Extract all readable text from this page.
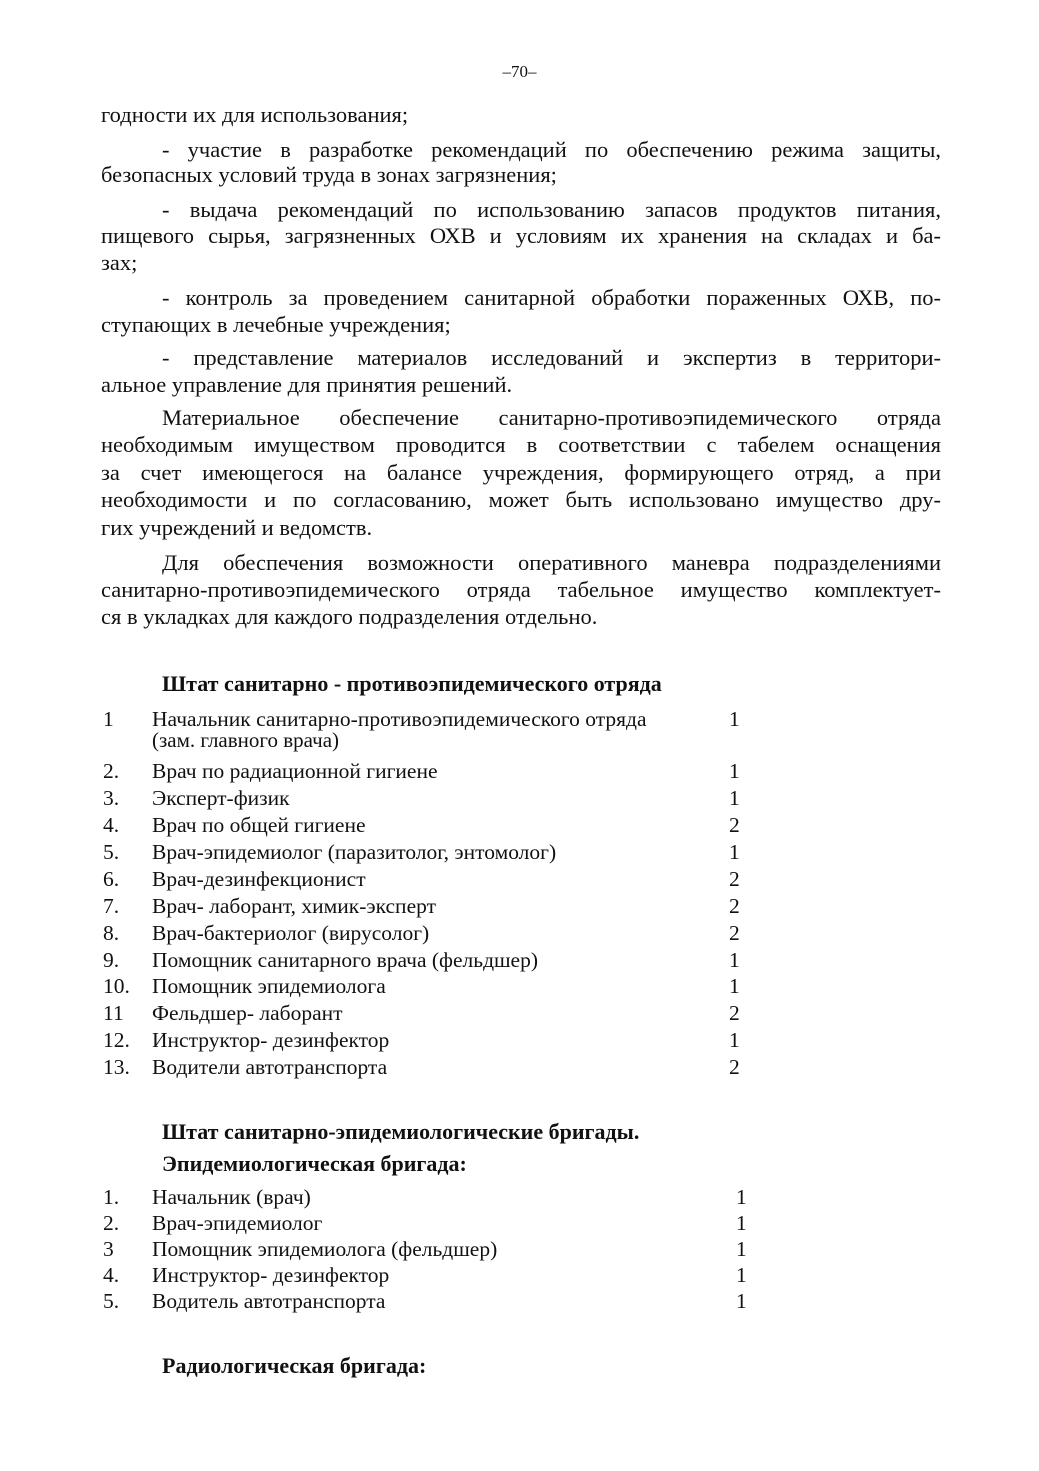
–70–
годности их для использования;
- участие в разработке рекомендаций по обеспечению режима защиты,
безопасных условий труда в зонах загрязнения;
- выдача рекомендаций по использованию запасов продуктов питания,
пищевого сырья, загрязненных ОХВ и условиям их хранения на складах и ба-
зах;
- контроль за проведением санитарной обработки пораженных ОХВ, по-
ступающих в лечебные учреждения;
- представление материалов исследований и экспертиз в территори-
альное управление для принятия решений.
Материальное обеспечение санитарно-противоэпидемического отряда
необходимым имуществом проводится в соответствии с табелем оснащения
за счет имеющегося на балансе учреждения, формирующего отряд, а при
необходимости и по согласованию, может быть использовано имущество дру-
гих учреждений и ведомств.
Для обеспечения возможности оперативного маневра подразделениями
санитарно-противоэпидемического отряда табельное имущество комплектует-
ся в укладках для каждого подразделения отдельно.
Штат санитарно - противоэпидемического отряда
1 Начальник санитарно-противоэпидемического отряда	1
(зам. главного врача)
2. Врач по радиационной гигиене	1
3. Эксперт-физик	1
4. Врач по общей гигиене	2
5. Врач-эпидемиолог (паразитолог, энтомолог)	1
6. Врач-дезинфекционист	2
7. Врач- лаборант, химик-эксперт	2
8. Врач-бактериолог (вирусолог)	2
9. Помощник санитарного врача (фельдшер)	1
10. Помощник эпидемиолога	1
11 Фельдшер- лаборант	2
12. Инструктор- дезинфектор	1
13. Водители автотранспорта	2
Штат санитарно-эпидемиологические бригады.
Эпидемиологическая бригада:
1. Начальник (врач)	1
2. Врач-эпидемиолог	1
3 Помощник эпидемиолога (фельдшер)	1
4. Инструктор- дезинфектор	1
5. Водитель автотранспорта	1
Радиологическая бригада:
